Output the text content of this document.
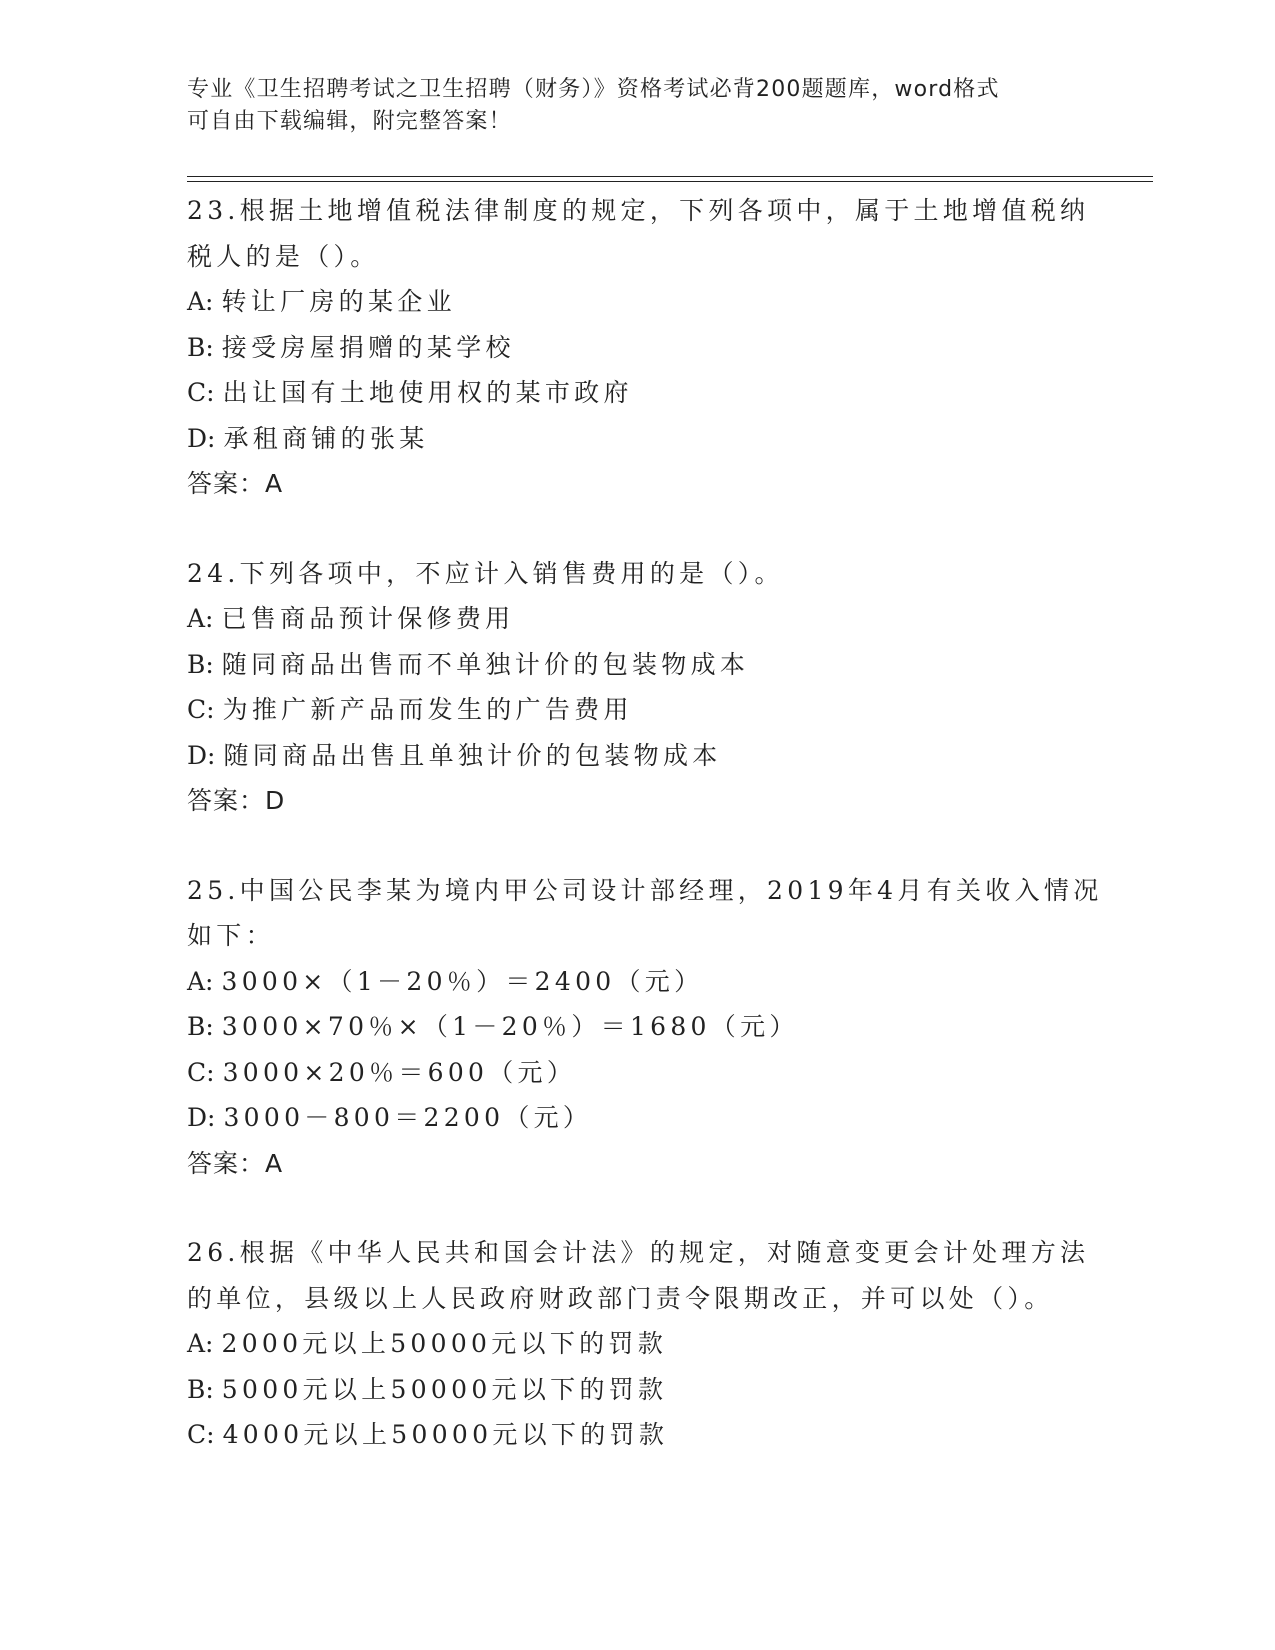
专业《卫生招聘考试之卫生招聘（财务）》资格考试必背200题题库，word格式
可自由下载编辑，附完整答案！
23.根据土地增值税法律制度的规定，下列各项中，属于土地增值税纳
税人的是（）。
A: 转让厂房的某企业
B: 接受房屋捐赠的某学校
C: 出让国有土地使用权的某市政府
D: 承租商铺的张某
答案：A
24.下列各项中，不应计入销售费用的是（）。
A: 已售商品预计保修费用
B: 随同商品出售而不单独计价的包装物成本
C: 为推广新产品而发生的广告费用
D: 随同商品出售且单独计价的包装物成本
答案：D
25.中国公民李某为境内甲公司设计部经理，2019年4月有关收入情况
如下：
A: 3000×（1－20％）＝2400（元）
B: 3000×70％×（1－20％）＝1680（元）
C: 3000×20％＝600（元）
D: 3000－800＝2200（元）
答案：A
26.根据《中华人民共和国会计法》的规定，对随意变更会计处理方法
的单位，县级以上人民政府财政部门责令限期改正，并可以处（）。
A: 2000元以上50000元以下的罚款
B: 5000元以上50000元以下的罚款
C: 4000元以上50000元以下的罚款
